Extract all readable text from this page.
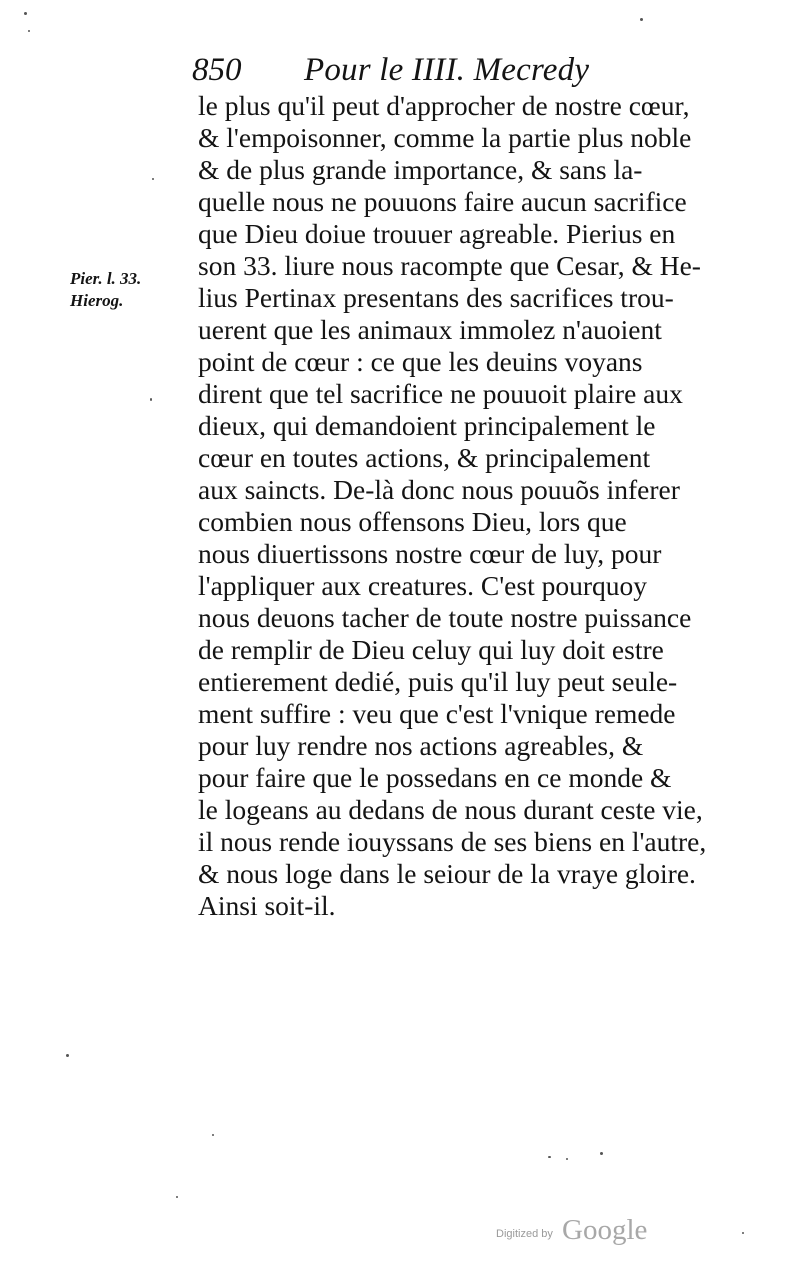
850 Pour le IIII. Mecredy
Pier. l. 33.
Hierog.
le plus qu'il peut d'approcher de nostre cœur,
& l'empoisonner, comme la partie plus noble
& de plus grande importance, & sans la-
quelle nous ne pouuons faire aucun sacrifice
que Dieu doiue trouuer agreable. Pierius en
son 33. liure nous racompte que Cesar, & He-
lius Pertinax presentans des sacrifices trou-
uerent que les animaux immolez n'auoient
point de cœur : ce que les deuins voyans
dirent que tel sacrifice ne pouuoit plaire aux
dieux, qui demandoient principalement le
cœur en toutes actions, & principalement
aux saincts. De-là donc nous pouuõs inferer
combien nous offensons Dieu, lors que
nous diuertissons nostre cœur de luy, pour
l'appliquer aux creatures. C'est pourquoy
nous deuons tacher de toute nostre puissance
de remplir de Dieu celuy qui luy doit estre
entierement dedié, puis qu'il luy peut seule-
ment suffire : veu que c'est l'vnique remede
pour luy rendre nos actions agreables, &
pour faire que le possedans en ce monde &
le logeans au dedans de nous durant ceste vie,
il nous rende iouyssans de ses biens en l'autre,
& nous loge dans le seiour de la vraye gloire.
Ainsi soit-il.
Digitized by Google
